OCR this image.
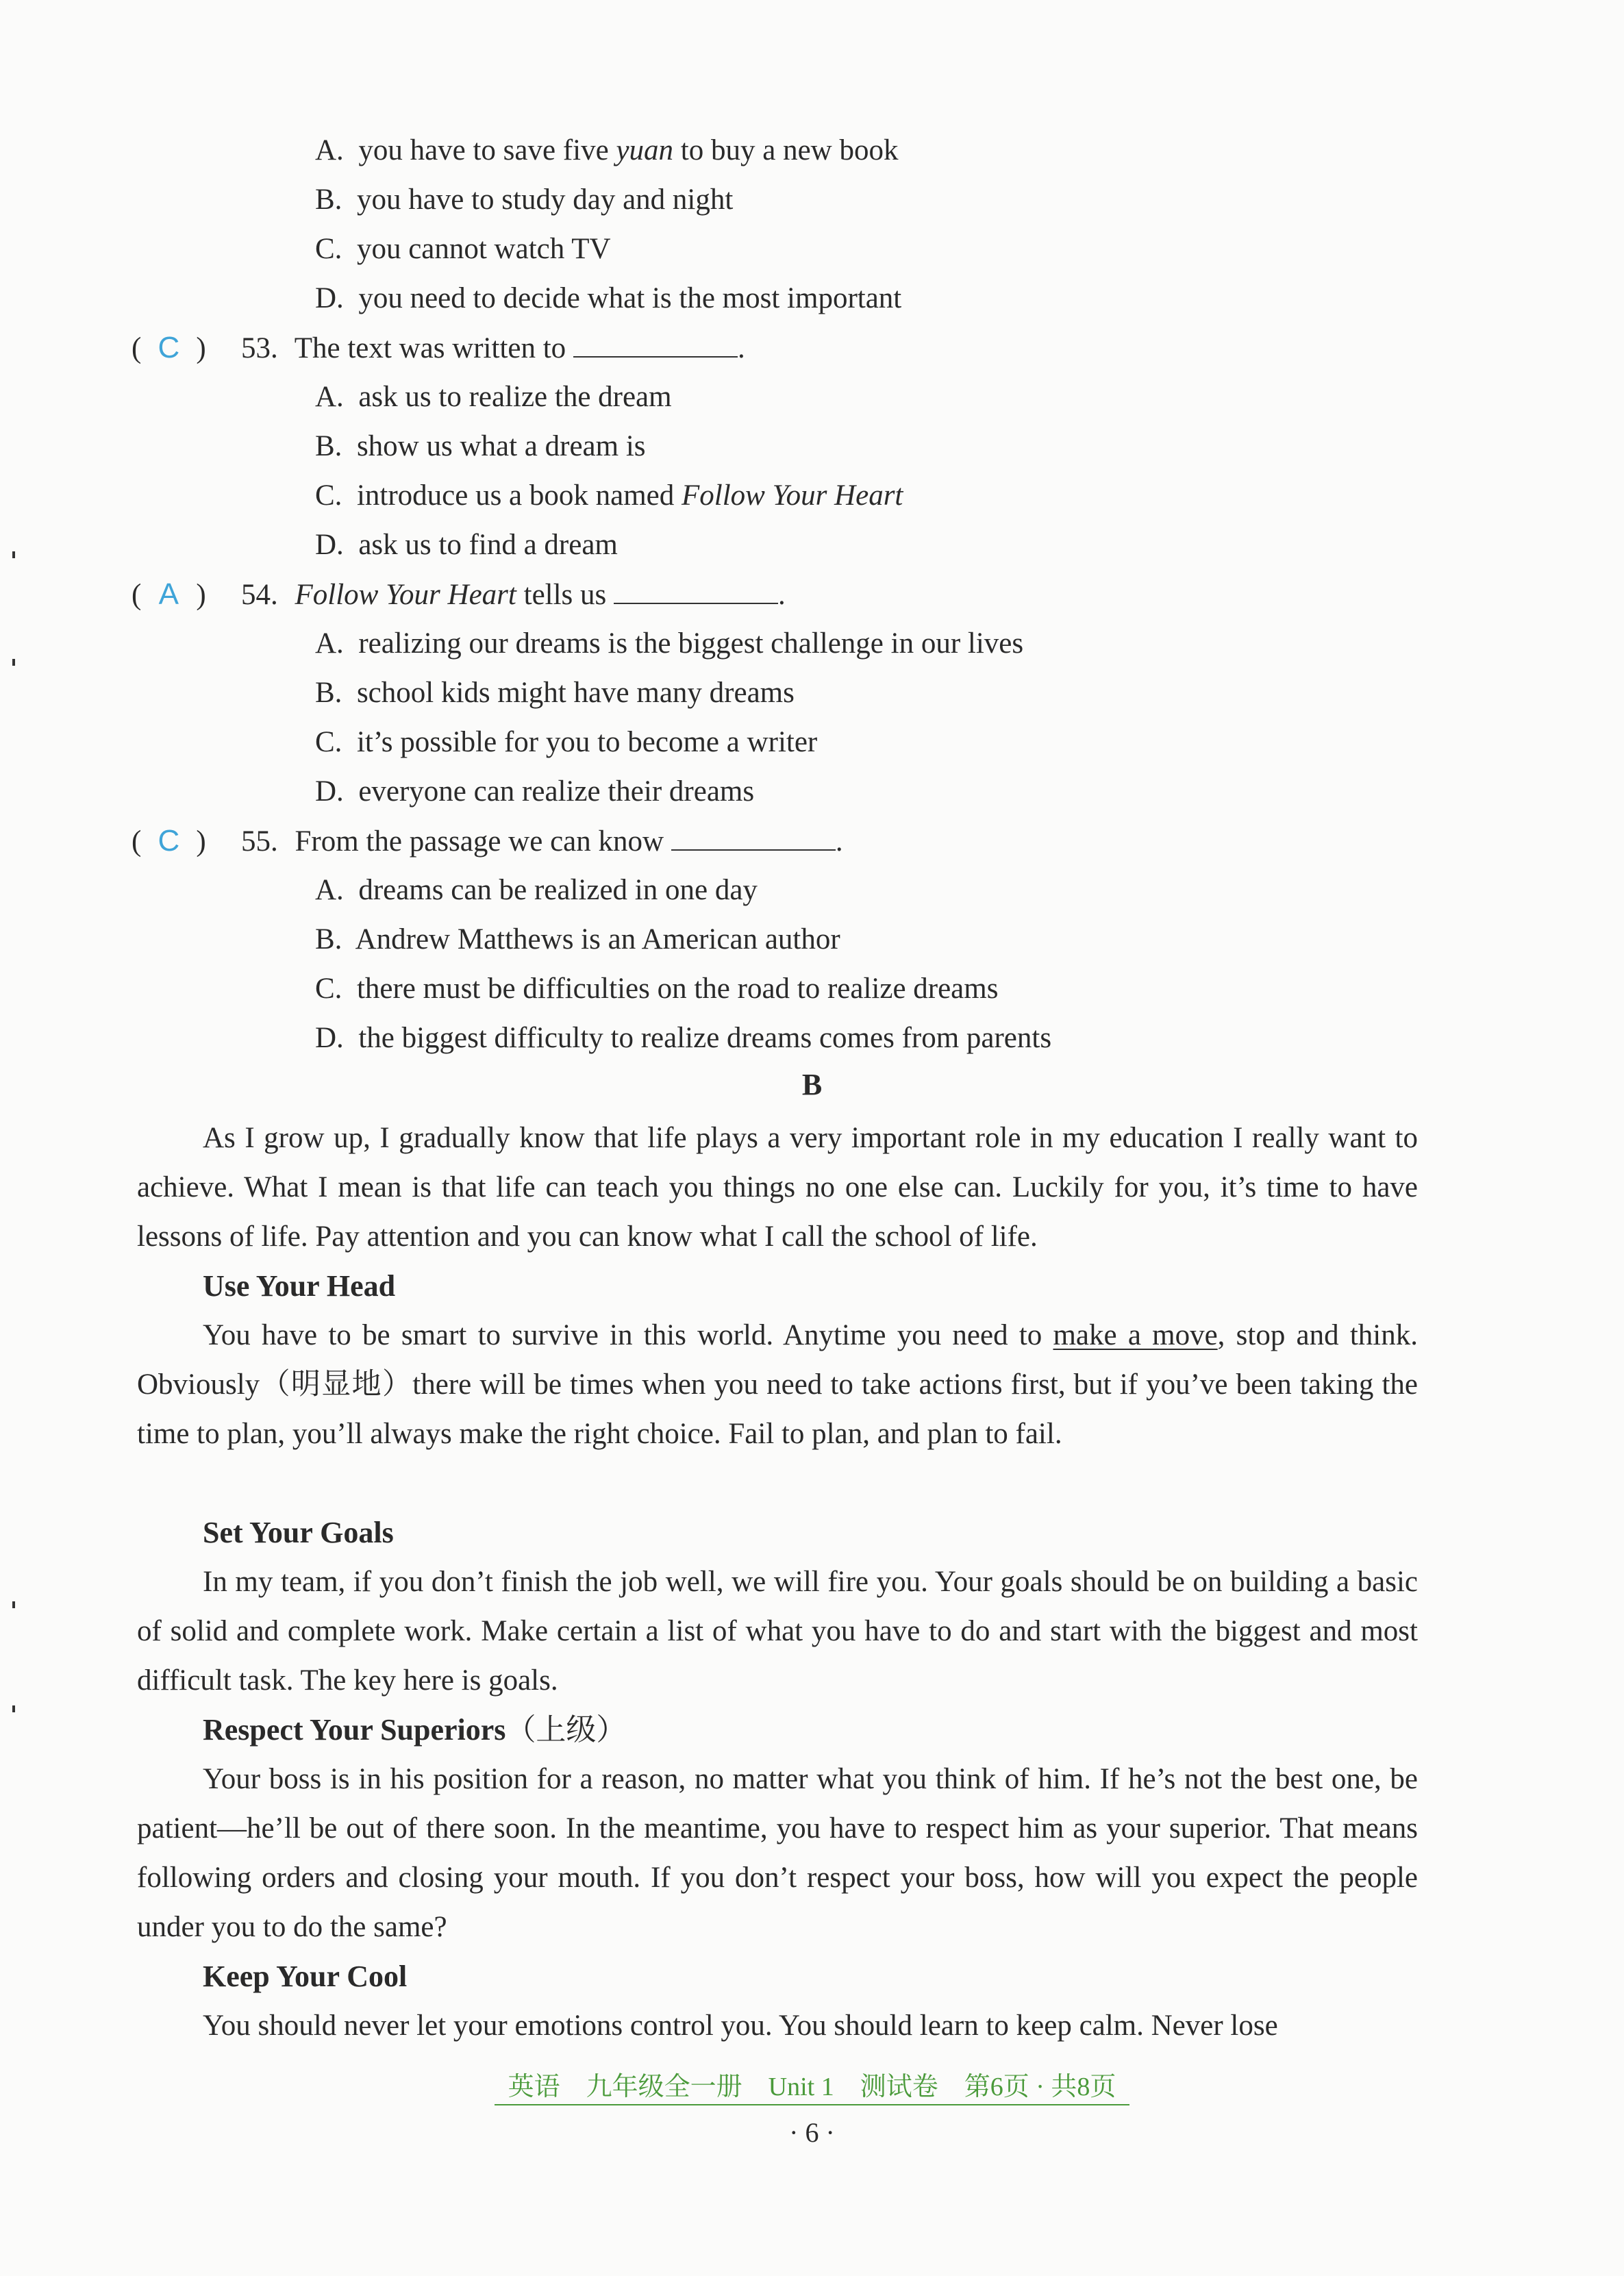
A. you have to save five yuan to buy a new book
B. you have to study day and night
C. you cannot watch TV
D. you need to decide what is the most important
( C ) 53. The text was written to	.
A. ask us to realize the dream
B. show us what a dream is
C. introduce us a book named Follow Your Heart
D. ask us to find a dream
( A ) 54. Follow Your Heart tells us	.
A. realizing our dreams is the biggest challenge in our lives
B. school kids might have many dreams
C. it’s possible for you to become a writer
D. everyone can realize their dreams
( C ) 55. From the passage we can know	.
A. dreams can be realized in one day
B. Andrew Matthews is an American author
C. there must be difficulties on the road to realize dreams
D. the biggest difficulty to realize dreams comes from parents
B
As I grow up, I gradually know that life plays a very important role in my education I really want to achieve. What I mean is that life can teach you things no one else can. Luckily for you, it’s time to have lessons of life. Pay attention and you can know what I call the school of life.
Use Your Head
You have to be smart to survive in this world. Anytime you need to make a move, stop and think. Obviously（明显地）there will be times when you need to take actions first, but if you’ve been taking the time to plan, you’ll always make the right choice. Fail to plan, and plan to fail.
Set Your Goals
In my team, if you don’t finish the job well, we will fire you. Your goals should be on building a basic of solid and complete work. Make certain a list of what you have to do and start with the biggest and most difficult task. The key here is goals.
Respect Your Superiors（上级）
Your boss is in his position for a reason, no matter what you think of him. If he’s not the best one, be patient—he’ll be out of there soon. In the meantime, you have to respect him as your superior. That means following orders and closing your mouth. If you don’t respect your boss, how will you expect the people under you to do the same?
Keep Your Cool
You should never let your emotions control you. You should learn to keep calm. Never lose
英语　九年级全一册　Unit 1　测试卷　第6页 · 共8页
· 6 ·
